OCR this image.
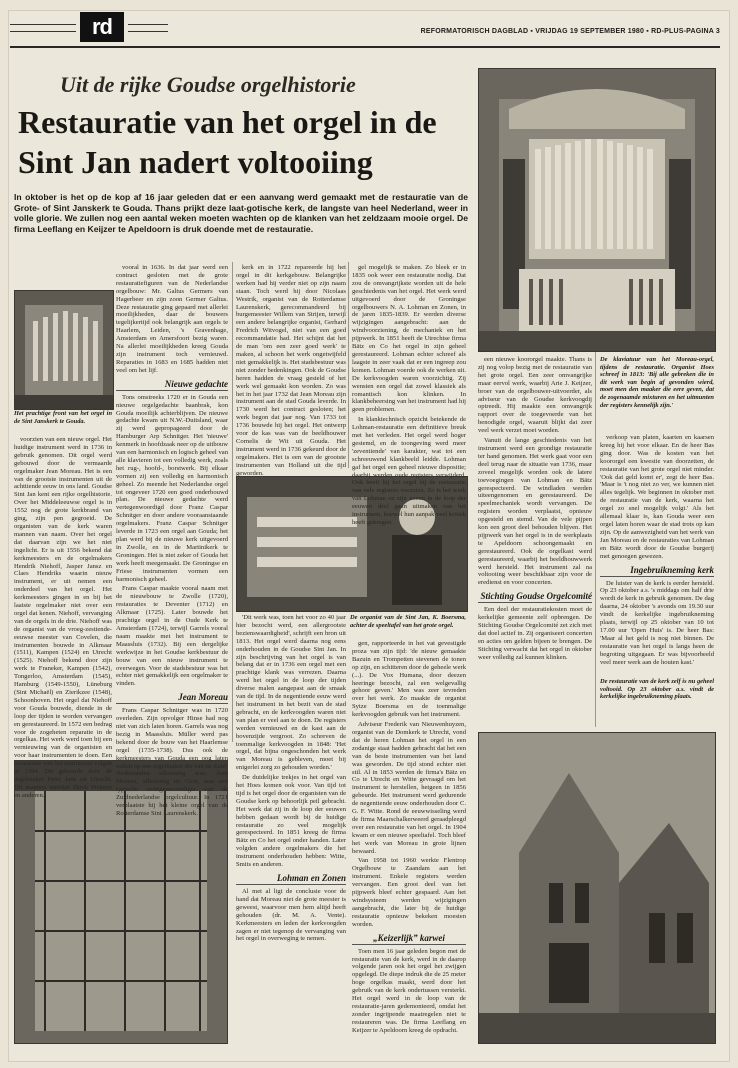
rd	REFORMATORISCH DAGBLAD ▪ VRIJDAG 19 SEPTEMBER 1980 ▪ RD-PLUS-PAGINA 3
Uit de rijke Goudse orgelhistorie
Restauratie van het orgel in de Sint Jan nadert voltooiing
In oktober is het op de kop af 16 jaar geleden dat er een aanvang werd gemaakt met de restauratie van de Grote- of Sint Janskerk te Gouda. Thans prijkt deze laat-gotische kerk, de langste van heel Nederland, weer in volle glorie. We zullen nog een aantal weken moeten wachten op de klanken van het zeldzaam mooie orgel. De firma Leeflang en Keijzer te Apeldoorn is druk doende met de restauratie.
Het prachtige front van het orgel in de Sint Janskerk te Gouda.
De organist van de Sint Jan, K. Boersma, achter de speeltafel van het grote orgel.

voorzien van een nieuw orgel. Het huidige instrument werd in 1736 in gebruik genomen. Dit orgel werd gebouwd door de vermaarde orgelmaker Jean Moreau. Het is een van de grootste instrumenten uit de achttiende eeuw in ons land. Goudse Sint Jan kent een rijke orgelhistorie. Over het Middeleeuwse orgel is in 1552 nog de grote kerkbrand van ging, zijn pen gegroeid. De organisten van de kerk waren mannen van naam. Over het orgel dat daarvan zijn we het niet ingelicht. Er is uit 1556 bekend dat kerkmeesters en de orgelmakers Hendrik Niehoff, Jasper Jansz en Claes Hendriks waarin nieuw instrument, er uit nemen een onderdeel van het orgel. Het kerkmeesters gingen in en bij het laatste orgelmaker niet over een orgel dat kenen. Niehoff, vervanging van de orgels in de drie. Niehoff was de organist van de vroeg-zestiende-eeuwse meester van Covelen, die instrumenten bouwde in Alkmaar (1511), Kampen (1524) en Utrecht (1525). Niehoff bekend door zijn werk te Franeker, Kampen (1542), Tongerloo, Amsterdam (1545), Hamburg (1549-1550), Lüneburg (Sint Michaël) en Zierikzee (1548), Schoonhoven. Het orgel dat Niehoff voor Gouda bouwde, diende in de loop der tijden te worden vervangen en gerestaureerd. In 1572 een bedrag voor de zogeheten reparatie in de orgelkas. Het werk werd toen bij een vernieuwing van de organisten en voor haar instrumenten te doen. Een restauratie van het instrument volgde in 1594. Dit gebeurde door de orgelmaker Peter Jans uit Utrecht. Dit mannen meester Dirck Pietersz en anderen.

vooral in 1636. In dat jaar werd een contract gesloten met de grote restauratiefiguren van de Nederlandse orgelbouw: Mr. Galtus Germers van Hagerbeer en zijn zoon Germer Galtus. Deze restauratie ging gepaard met allerlei moeilijkheden, daar de bouwers tegelijkertijd ook belangrijk aan orgels te Haarlem, Leiden, 's Gravenhage, Amsterdam en Amersfoort bezig waren. Na allerlei moeilijkheden kreeg Gouda zijn instrument toch vernieuwd. Reparaties in 1683 en 1685 hadden niet veel om het lijf.

Nieuwe gedachte

Tons omstreeks 1720 er in Gouda een nieuwe orgelgedachte baanbrak, kon Gouda moeilijk achterblijven. De nieuwe gedachte kwam uit N.W.-Duitsland, waar zij werd gepropageerd door de Hamburger Arp Schnitger. Het 'nieuwe' kenmerk in hoofdzaak neer op de uitbouw van een harmonisch en logisch geheel van alle klavieren tot een volledig werk, zoals het rug-, hoofd-, borstwerk. Bij elkaar vormen zij een volledig en harmonisch geheel. Zo meende het Nederlandse orgel tot ongeveer 1720 een goed onderbouwd plan. De nieuwe gedachte werd vertegenwoordigd door Franz Caspar Schnitger en door andere vooraanstaande orgelmakers. Franz Caspar Schnitger leverde in 1723 een orgel aan Gouda; het plan werd bij de nieuwe kerk uitgevoerd in Zwolle, en in de Martinikerk te Groningen. Het is niet zeker of Gouda het werk heeft meegemaakt. De Groningse en Friese instrumenten vormen een harmonisch geheel.

Frans Caspar maakte vooral naam met de nieuwbouw te Zwolle (1720), restauraties te Deventer (1712) en Alkmaar (1725). Later bouwde het prachtige orgel in de Oude Kerk te Amsterdam (1724), terwijl Garrels vooral naam maakte met het instrument te Maassluis (1732). Bij een dergelijke werkwijze in het Goudse kerkbestuur de bouw van een nieuw instrument te overwegen. Voor de stadsbestuur was het echter niet gemakkelijk een orgelmaker te vinden.

Jean Moreau

Frans Caspar Schnitger was in 1720 overleden. Zijn opvolger Hinse had nog niet van zich laten horen. Garrels was nog bezig in Maassluis. Müller werd pas bekend door de bouw van het Haarlemse orgel (1735-1738). Dus ook de kerkmeesters van Gouda een oog laten vallen op een orgelmaker die van de Zuid-Nederlanden afkomstig was: Jean Moreau, afkomstig uit Gent, was een typische vertegenwoordiger van de Zuidnederlandse orgelcultuur. In 1721 verplaatste hij het kleine orgel van de Rotterdamse Sint Laurenskerk.

kerk en in 1722 repareerde hij het orgel in dit kerkgebouw. Belangrijke werken had hij verder niet op zijn naam staan. Toch werd hij door Nicolaas Westrik, organist van de Rotterdamse Laurenskerk, gerecommandeerd bij burgemeester Willem van Strijen, terwijl een andere belangrijke organist, Gerhard Fredrich Witvogel, niet van een goed recommandatie had. Het schijnt dat het de man 'om een zeer goed werk' te maken, al schoon het werk ongetwijfeld niet gemakkelijk is. Het stadsbestuur was niet zonder bedenkingen. Ook de Goudse heren hadden de vraag gesteld of het werk wel gemaakt kon worden. Zo was het in het jaar 1732 dat Jean Moreau zijn instrument aan de stad Gouda leverde. In 1730 werd het contract gesloten; het werk begon dat jaar nog. Van 1733 tot 1736 bouwde hij het orgel. Het ontwerp voor de kas was van de beeldhouwer Cornelis de Wit uit Gouda. Het instrument werd in 1736 gekeurd door de orgelmakers. Het is een van de grootste instrumenten van Holland uit die tijd geworden.

'Dit werk was, toen het voor zo 40 jaar hier bezocht werd, een allergrootste bezienswaardigheid', schrijft een bron uit 1813. Het orgel werd daarna nog eens onderhouden in de Goudse Sint Jan. In zijn beschrijving van het orgel is van belang dat er in 1736 een orgel met een prachtige klank was verrezen. Daarna werd het orgel in de loop der tijden diverse malen aangepast aan de smaak van de tijd. In de negentiende eeuw werd het instrument in het bezit van de stad gebracht, en de kerkvoogden waren niet van plan er veel aan te doen. De registers werden vernieuwd en de kast aan de bovenzijde vergroot. Zo schreven de toenmalige kerkvoogden in 1848: 'Het orgel, dat bijna ongeschonden het werk van Moreau is gebleven, moet bij enigerlei zorg zo gehouden worden.'

De duidelijke trekjes in het orgel van het Hoes komen ook voor. Van tijd tot tijd is het orgel door de organisten van de Goudse kerk op behoorlijk peil gebracht. Het werk dat zij in de loop der eeuwen hebben gedaan wordt bij de huidige restauratie zo veel mogelijk gerespecteerd. In 1851 kreeg de firma Bätz en Co het orgel onder handen. Later volgden andere orgelmakers die het instrument onderhouden hebben: Witte, Smits en anderen.

Lohman en Zonen

Al met al ligt de conclusie voor de hand dat Moreau niet de grote meester is geweest, waarvoor men hem altijd heeft gehouden (dr. M. A. Vente). Kerkmeesters en leden der kerkvoogden zagen er niet tegenop de vervanging van het orgel in overweging te nemen.

gel mogelijk te maken. Zo bleek er in 1835 ook weer een restauratie nodig. Dat zou de omvangrijkste worden uit de hele geschiedenis van het orgel. Het werk werd uitgevoerd door de Groningse orgelbouwers N. A. Lohman en Zonen, in de jaren 1835-1839. Er werden diverse wijzigingen aangebracht: aan de windvoorziening, de mechaniek en het pijpwerk. In 1851 heeft de Utrechtse firma Bätz en Co het orgel in zijn geheel gerestaureerd. Lohman echter schreef als laagste in zeer vaak dat er een ingreep zou komen. Lohman voerde ook de werken uit. De kerkvoogden waren voorzichtig. Zij wensten een orgel dat zowel klassiek als romantisch kon klinken. In klankbeheersing van het instrument had hij geen problemen.

In klanktechnisch opzicht betekende de Lohman-restauratie een definitieve breuk met het verleden. Het orgel werd hoger gestemd, en de toongeving werd meer 'zeventiende' van karakter, wat tot een schreeuwend klankbeeld leidde. Lohman gaf het orgel een geheel nieuwe dispositie; daarbij werden oude registers verwijderd. Ook heeft hij het orgel bij de restauratie van vele registers voorzien. Zo is het werk van Lohman en zijn zonen in de loop der eeuwen deel gaan uitmaken van het instrument, hoewel hun aanpak veel kritiek heeft gekregen.

gen, rapporteerde in het vat gevestigde proza van zijn tijd: 'de nieuw gemaakte Bazuin en Trompetten stevenen de tonen op zijn, en schitteren door de geheele werk (...). De Vox Humana, door deezen heeringe bezocht, zal een welgevallig gehoor geven.' Men was zeer tevreden over het werk. Zo maakte de organist Sytze Boersma en de toenmalige kerkvoogden gebruik van het instrument.

Adviseur Frederik van Nieuwenhuyzen, organist van de Domkerk te Utrecht, vond dat de heren Lohman het orgel in een zodanige staat hadden gebracht dat het een van de beste instrumenten van het land was geworden. De tijd stond echter niet stil. Al in 1853 werden de firma's Bätz en Co te Utrecht en Witte gevraagd om het instrument te herstellen, hetgeen in 1856 gebeurde. Het instrument werd gedurende de negentiende eeuw onderhouden door C. G. F. Witte. Rond de eeuwwisseling werd de firma Maarschalkerweerd geraadpleegd over een restauratie van het orgel. In 1904 kwam er een nieuwe speeltafel. Toch bleef het werk van Moreau in grote lijnen bewaard.

Van 1958 tot 1960 werkte Flentrop Orgelbouw te Zaandam aan het instrument. Enkele registers werden vervangen. Een groot deel van het pijpwerk bleef echter gespaard. Aan het windsysteem werden wijzigingen aangebracht, die later bij de huidige restauratie opnieuw bekeken moesten worden.

„Keizerlijk” karwei

Toen men 16 jaar geleden begon met de restauratie van de kerk, werd in de daarop volgende jaren ook het orgel het zwijgen opgelegd. De diepe indruk die de 25 meter hoge orgelkas maakt, werd door het gebruik van de kerk ondertussen versterkt. Het orgel werd in de loop van de restauratie-jaren gedemonteerd, omdat het zonder ingrijpende maatregelen niet te restaureren was. De firma Leeflang en Keijzer te Apeldoorn kreeg de opdracht.

een nieuwe koororgel maakte. Thans is zij nog volop bezig met de restauratie van het grote orgel. Een zeer omvangrijke maar eervol werk, waarbij Arie J. Keijzer, broer van de orgelbouwer-uitvoerder, als adviseur van de Goudse kerkvoogdij optreedt. Hij maakte een omvangrijk rapport over de toegevoerde van het benodigde orgel, waaruit blijkt dat zeer veel werk verzet moet worden.

Vanuit de lange geschiedenis van het instrument werd een grondige restauratie ter hand genomen. Het werk gaat voor een deel terug naar de situatie van 1736, maar zoveel mogelijk worden ook de latere toevoegingen van Lohman en Bätz gerespecteerd. De windladen werden uiteengenomen en gerestaureerd. De speelmechaniek wordt vervangen. De registers worden verplaatst, opnieuw opgesteld en stemd. Van de vele pijpen kon een groot deel behouden blijven. Het pijpwerk van het orgel is in de werkplaats te Apeldoorn schoongemaakt en gerestaureerd. Ook de orgelkast werd gerestaureerd, waarbij het beeldhouwwerk werd hersteld. Het instrument zal na voltooiing weer beschikbaar zijn voor de eredienst en voor concerten.

Stichting Goudse Orgelcomité

Een deel der restauratiekosten moet de kerkelijke gemeente zelf opbrengen. De Stichting Goudse Orgelcomité zet zich met dat doel actief in. Zij organiseert concerten en acties om gelden bijeen te brengen. De Stichting verwacht dat het orgel in oktober weer volledig zal kunnen klinken.

De klaviatuur van het Moreau-orgel, tijdens de restauratie. Organist Hoes schreef in 1813: 'Bij alle gebreken die in dit werk van begin af gevonden wierd, moet men den maaker die eere geven, dat de zogenaamde mixturen en het uitmunten der registers kennelijk zijn.'

verkoop van platen, kaarten en kaarsen kreeg hij het voor elkaar. En de heer Bas ging door. Was de kosten van het koororgel een kwestie van doorzetten, de restauratie van het grote orgel niet minder. 'Ook dat geld komt er', zegt de heer Bas. 'Maar is 't nog niet zo ver, we kunnen niet alles tegelijk. We beginnen in oktober met de restauratie van de kerk, waarna het orgel zo snel mogelijk volgt.' Als het allemaal klaar is, kan Gouda weer een orgel laten horen waar de stad trots op kan zijn. Op de aanwezigheid van het werk van Jan Moreau en de restauraties van Lohman en Bätz wordt door de Goudse burgerij met genoegen gewezen.

Ingebruikneming kerk

De luister van de kerk is eerder hersteld. Op 23 oktober a.s. 's middags om half drie wordt de kerk in gebruik genomen. De dag daarna, 24 oktober 's avonds om 19.30 uur vindt de kerkelijke ingebruikneming plaats, terwijl op 25 oktober van 10 tot 17.00 uur 'Open Huis' is. De heer Bas: 'Maar al het geld is nog niet binnen. De restauratie van het orgel is langs heen de begroting uitgegaan. Er was bijvoorbeeld veel meer werk aan de houten kast.'

De restauratie van de kerk zelf is nu geheel voltooid. Op 23 oktober a.s. vindt de kerkelijke ingebruikneming plaats.
